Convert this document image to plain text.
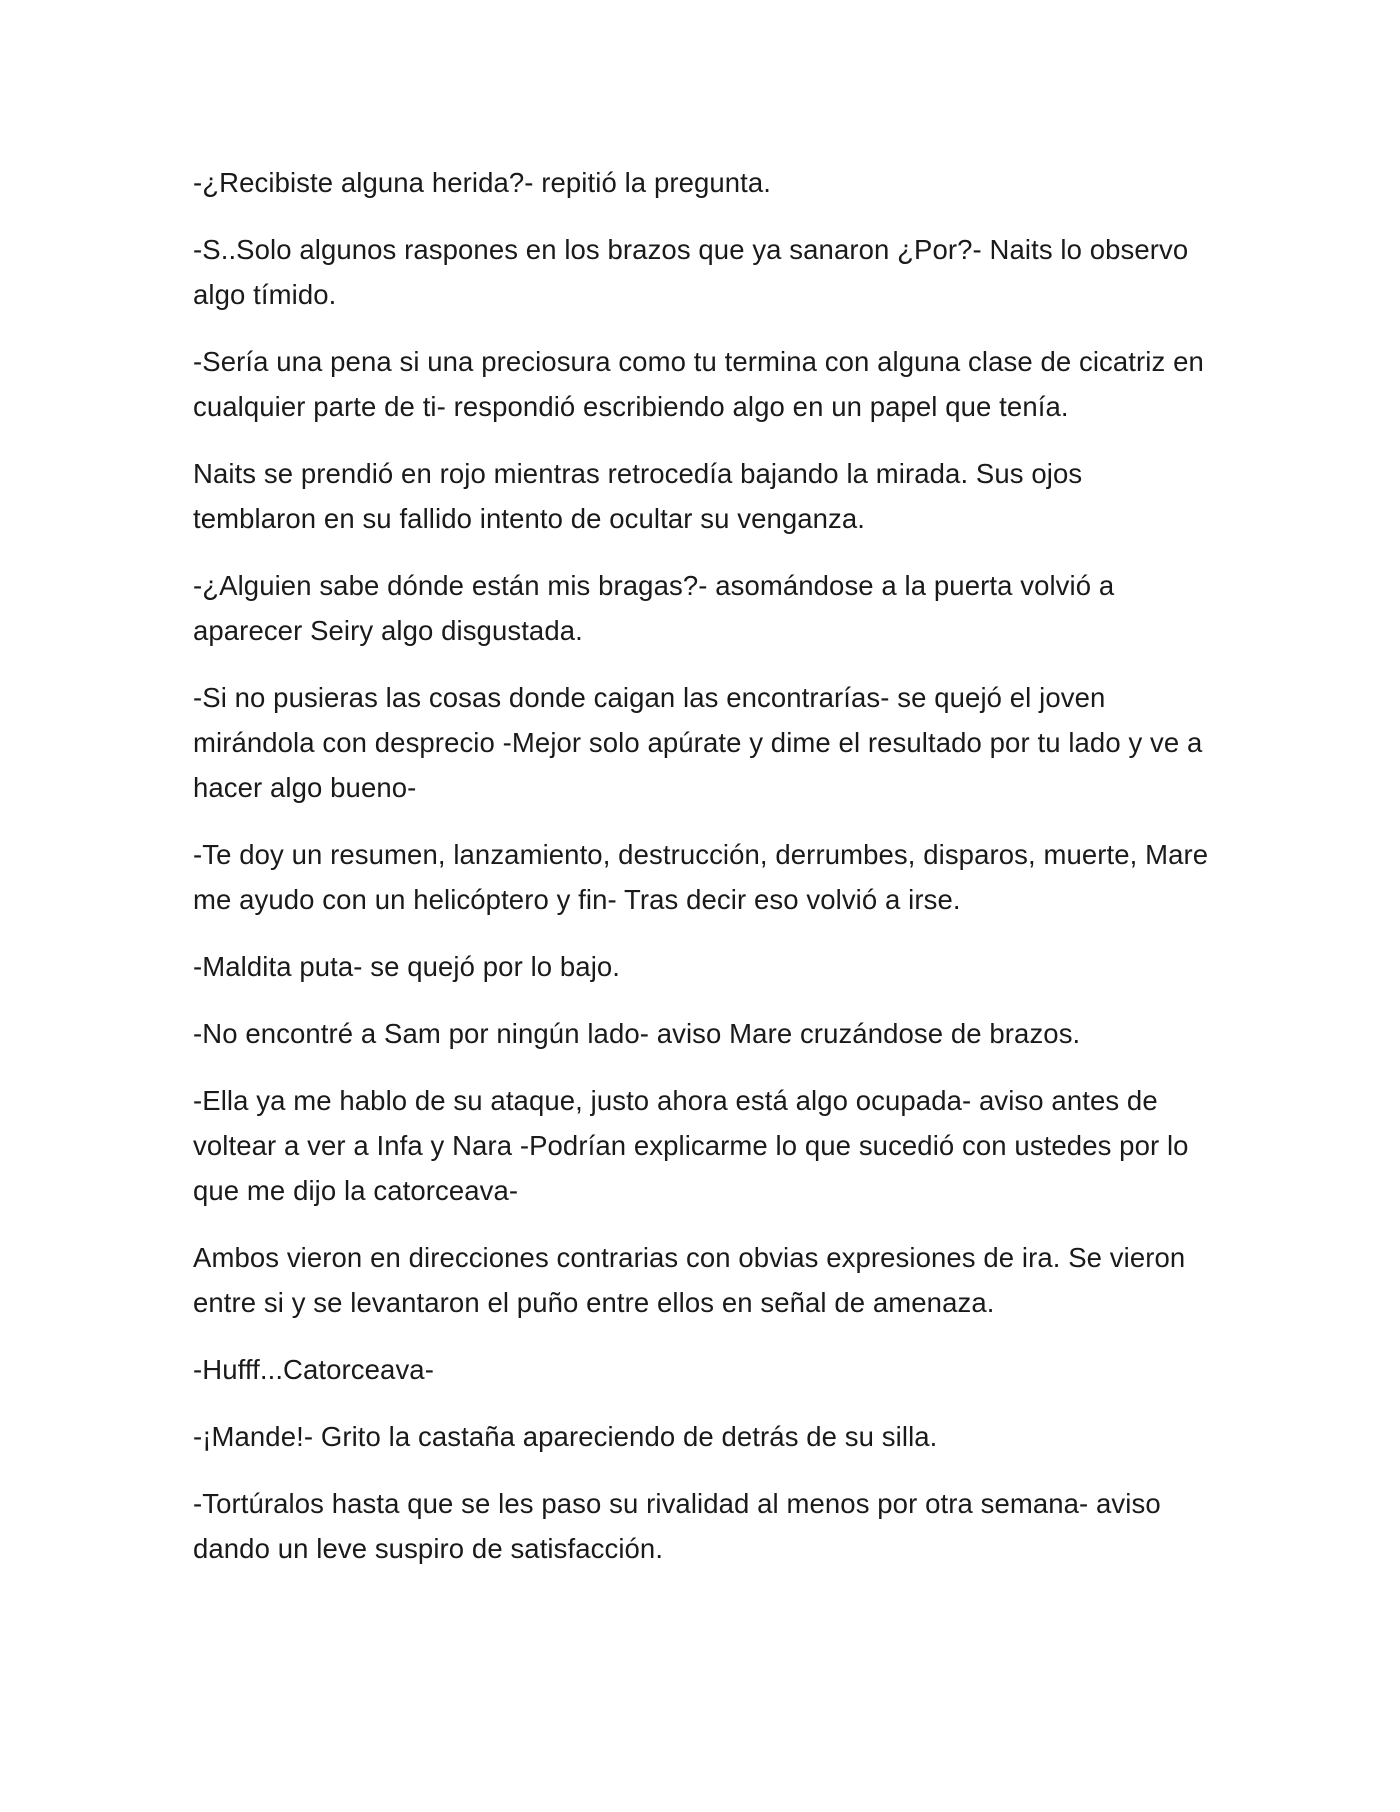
-¿Recibiste alguna herida?- repitió la pregunta.

-S..Solo algunos raspones en los brazos que ya sanaron ¿Por?- Naits lo observo algo tímido.

-Sería una pena si una preciosura como tu termina con alguna clase de cicatriz en cualquier parte de ti- respondió escribiendo algo en un papel que tenía.

Naits se prendió en rojo mientras retrocedía bajando la mirada. Sus ojos temblaron en su fallido intento de ocultar su venganza.

-¿Alguien sabe dónde están mis bragas?- asomándose a la puerta volvió a aparecer Seiry algo disgustada.

-Si no pusieras las cosas donde caigan las encontrarías- se quejó el joven mirándola con desprecio -Mejor solo apúrate y dime el resultado por tu lado y ve a  hacer algo bueno-

-Te doy un resumen, lanzamiento, destrucción, derrumbes, disparos, muerte, Mare me ayudo con un helicóptero y fin- Tras decir eso volvió a irse.

-Maldita puta- se quejó por lo bajo.

-No encontré a Sam por ningún lado- aviso Mare cruzándose de brazos.

-Ella ya me hablo de su ataque, justo ahora está algo ocupada- aviso antes de voltear a ver a Infa y Nara -Podrían explicarme lo que sucedió con ustedes por lo que me dijo la catorceava-

Ambos vieron en direcciones contrarias con obvias expresiones de ira. Se vieron entre si y se levantaron el puño entre ellos en señal de amenaza.

-Hufff...Catorceava-

-¡Mande!- Grito la castaña apareciendo de detrás de su silla.

-Tortúralos hasta que se les paso su rivalidad al menos por otra semana- aviso dando un leve suspiro de satisfacción.
